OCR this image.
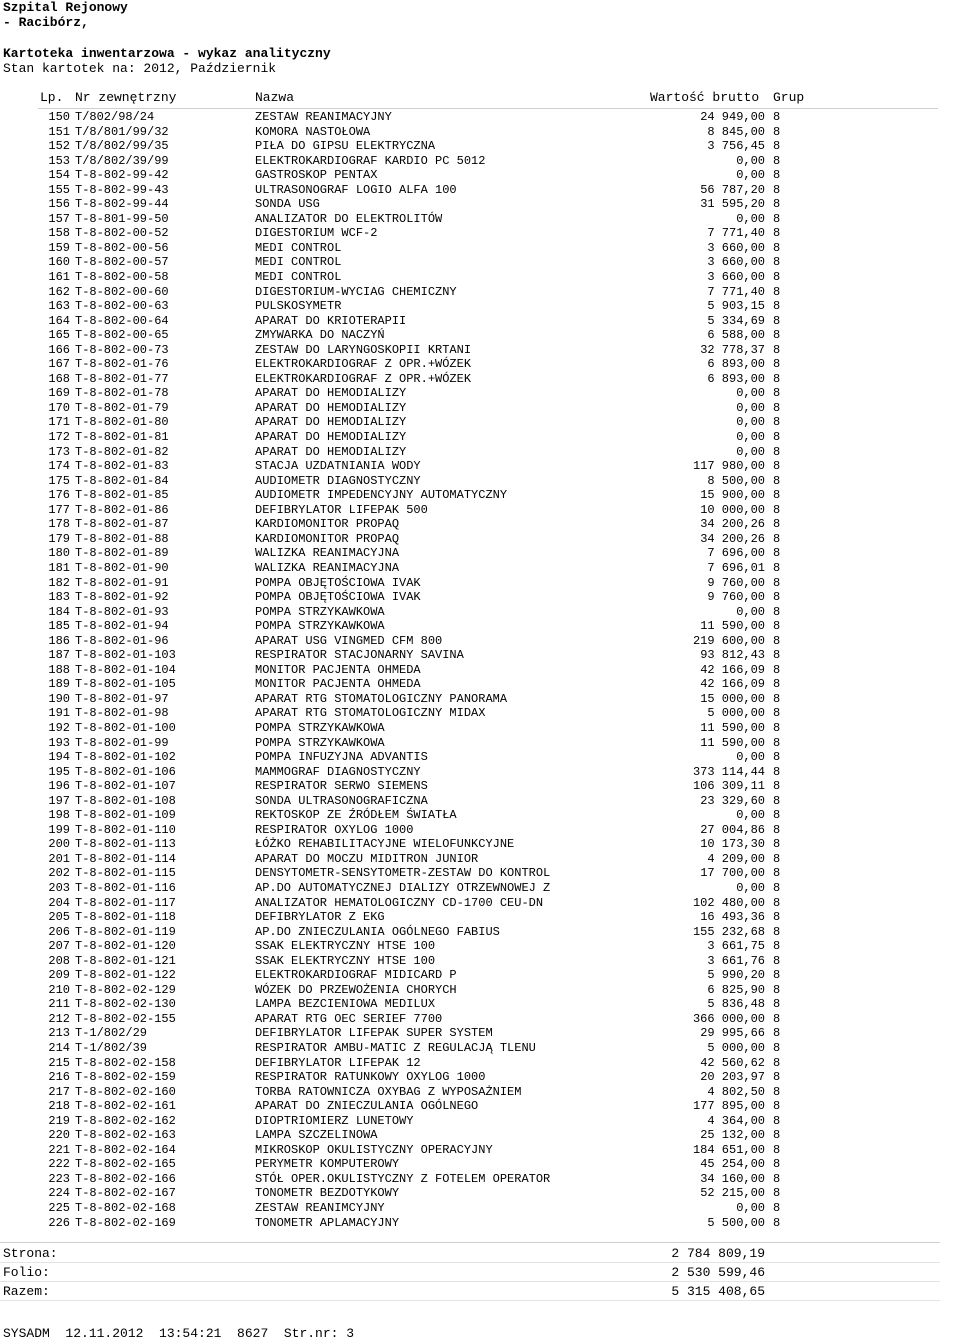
Szpital Rejonowy
- Racibórz,
Kartoteka inwentarzowa - wykaz analityczny
Stan kartotek na: 2012, Październik
Lp. Nr zewnętrzny	Nazwa	Wartość brutto Grup
150 T/802/98/24	ZESTAW REANIMACYJNY	24 949,00 8
151 T/8/801/99/32	KOMORA NASTOŁOWA	8 845,00 8
152 T/8/802/99/35	PIŁA DO GIPSU ELEKTRYCZNA	3 756,45 8
153 T/8/802/39/99	ELEKTROKARDIOGRAF KARDIO PC 5012	0,00 8
154 T-8-802-99-42	GASTROSKOP PENTAX	0,00 8
155 T-8-802-99-43	ULTRASONOGRAF LOGIO ALFA 100	56 787,20 8
156 T-8-802-99-44	SONDA USG	31 595,20 8
157 T-8-801-99-50	ANALIZATOR DO ELEKTROLITÓW	0,00 8
158 T-8-802-00-52	DIGESTORIUM WCF-2	7 771,40 8
159 T-8-802-00-56	MEDI CONTROL	3 660,00 8
160 T-8-802-00-57	MEDI CONTROL	3 660,00 8
161 T-8-802-00-58	MEDI CONTROL	3 660,00 8
162 T-8-802-00-60	DIGESTORIUM-WYCIAG CHEMICZNY	7 771,40 8
163 T-8-802-00-63	PULSKOSYMETR	5 903,15 8
164 T-8-802-00-64	APARAT DO KRIOTERAPII	5 334,69 8
165 T-8-802-00-65	ZMYWARKA DO NACZYŃ	6 588,00 8
166 T-8-802-00-73	ZESTAW DO LARYNGOSKOPII KRTANI	32 778,37 8
167 T-8-802-01-76	ELEKTROKARDIOGRAF Z OPR.+WÓZEK	6 893,00 8
168 T-8-802-01-77	ELEKTROKARDIOGRAF Z OPR.+WÓZEK	6 893,00 8
169 T-8-802-01-78	APARAT DO HEMODIALIZY	0,00 8
170 T-8-802-01-79	APARAT DO HEMODIALIZY	0,00 8
171 T-8-802-01-80	APARAT DO HEMODIALIZY	0,00 8
172 T-8-802-01-81	APARAT DO HEMODIALIZY	0,00 8
173 T-8-802-01-82	APARAT DO HEMODIALIZY	0,00 8
174 T-8-802-01-83	STACJA UZDATNIANIA WODY	117 980,00 8
175 T-8-802-01-84	AUDIOMETR DIAGNOSTYCZNY	8 500,00 8
176 T-8-802-01-85	AUDIOMETR IMPEDENCYJNY AUTOMATYCZNY	15 900,00 8
177 T-8-802-01-86	DEFIBRYLATOR LIFEPAK 500	10 000,00 8
178 T-8-802-01-87	KARDIOMONITOR PROPAQ	34 200,26 8
179 T-8-802-01-88	KARDIOMONITOR PROPAQ	34 200,26 8
180 T-8-802-01-89	WALIZKA REANIMACYJNA	7 696,00 8
181 T-8-802-01-90	WALIZKA REANIMACYJNA	7 696,01 8
182 T-8-802-01-91	POMPA OBJĘTOŚCIOWA IVAK	9 760,00 8
183 T-8-802-01-92	POMPA OBJĘTOŚCIOWA IVAK	9 760,00 8
184 T-8-802-01-93	POMPA STRZYKAWKOWA	0,00 8
185 T-8-802-01-94	POMPA STRZYKAWKOWA	11 590,00 8
186 T-8-802-01-96	APARAT USG VINGMED CFM 800	219 600,00 8
187 T-8-802-01-103	RESPIRATOR STACJONARNY SAVINA	93 812,43 8
188 T-8-802-01-104	MONITOR PACJENTA OHMEDA	42 166,09 8
189 T-8-802-01-105	MONITOR PACJENTA OHMEDA	42 166,09 8
190 T-8-802-01-97	APARAT RTG STOMATOLOGICZNY PANORAMA	15 000,00 8
191 T-8-802-01-98	APARAT RTG STOMATOLOGICZNY MIDAX	5 000,00 8
192 T-8-802-01-100	POMPA STRZYKAWKOWA	11 590,00 8
193 T-8-802-01-99	POMPA STRZYKAWKOWA	11 590,00 8
194 T-8-802-01-102	POMPA INFUZYJNA ADVANTIS	0,00 8
195 T-8-802-01-106	MAMMOGRAF DIAGNOSTYCZNY	373 114,44 8
196 T-8-802-01-107	RESPIRATOR SERWO SIEMENS	106 309,11 8
197 T-8-802-01-108	SONDA ULTRASONOGRAFICZNA	23 329,60 8
198 T-8-802-01-109	REKTOSKOP ZE ŹRÓDŁEM ŚWIATŁA	0,00 8
199 T-8-802-01-110	RESPIRATOR OXYLOG 1000	27 004,86 8
200 T-8-802-01-113	ŁÓŻKO REHABILITACYJNE WIELOFUNKCYJNE	10 173,30 8
201 T-8-802-01-114	APARAT DO MOCZU MIDITRON JUNIOR	4 209,00 8
202 T-8-802-01-115	DENSYTOMETR-SENSYTOMETR-ZESTAW DO KONTROL	17 700,00 8
203 T-8-802-01-116	AP.DO AUTOMATYCZNEJ DIALIZY OTRZEWNOWEJ Z	0,00 8
204 T-8-802-01-117	ANALIZATOR HEMATOLOGICZNY CD-1700 CEU-DN	102 480,00 8
205 T-8-802-01-118	DEFIBRYLATOR Z EKG	16 493,36 8
206 T-8-802-01-119	AP.DO ZNIECZULANIA OGÓLNEGO FABIUS	155 232,68 8
207 T-8-802-01-120	SSAK ELEKTRYCZNY HTSE 100	3 661,75 8
208 T-8-802-01-121	SSAK ELEKTRYCZNY HTSE 100	3 661,76 8
209 T-8-802-01-122	ELEKTROKARDIOGRAF MIDICARD P	5 990,20 8
210 T-8-802-02-129	WÓZEK DO PRZEWOŻENIA CHORYCH	6 825,90 8
211 T-8-802-02-130	LAMPA BEZCIENIOWA MEDILUX	5 836,48 8
212 T-8-802-02-155	APARAT RTG OEC SERIEF 7700	366 000,00 8
213 T-1/802/29	DEFIBRYLATOR LIFEPAK SUPER SYSTEM	29 995,66 8
214 T-1/802/39	RESPIRATOR AMBU-MATIC Z REGULACJĄ TLENU	5 000,00 8
215 T-8-802-02-158	DEFIBRYLATOR LIFEPAK 12	42 560,62 8
216 T-8-802-02-159	RESPIRATOR RATUNKOWY OXYLOG 1000	20 203,97 8
217 T-8-802-02-160	TORBA RATOWNICZA OXYBAG Z WYPOSAŻNIEM	4 802,50 8
218 T-8-802-02-161	APARAT DO ZNIECZULANIA OGÓLNEGO	177 895,00 8
219 T-8-802-02-162	DIOPTRIOMIERZ LUNETOWY	4 364,00 8
220 T-8-802-02-163	LAMPA SZCZELINOWA	25 132,00 8
221 T-8-802-02-164	MIKROSKOP OKULISTYCZNY OPERACYJNY	184 651,00 8
222 T-8-802-02-165	PERYMETR KOMPUTEROWY	45 254,00 8
223 T-8-802-02-166	STÓŁ OPER.OKULISTYCZNY Z FOTELEM OPERATOR	34 160,00 8
224 T-8-802-02-167	TONOMETR BEZDOTYKOWY	52 215,00 8
225 T-8-802-02-168	ZESTAW REANIMCYJNY	0,00 8
226 T-8-802-02-169	TONOMETR APLAMACYJNY	5 500,00 8
Strona:	2 784 809,19
Folio:	2 530 599,46
Razem:	5 315 408,65
SYSADM  12.11.2012  13:54:21  8627  Str.nr: 3
